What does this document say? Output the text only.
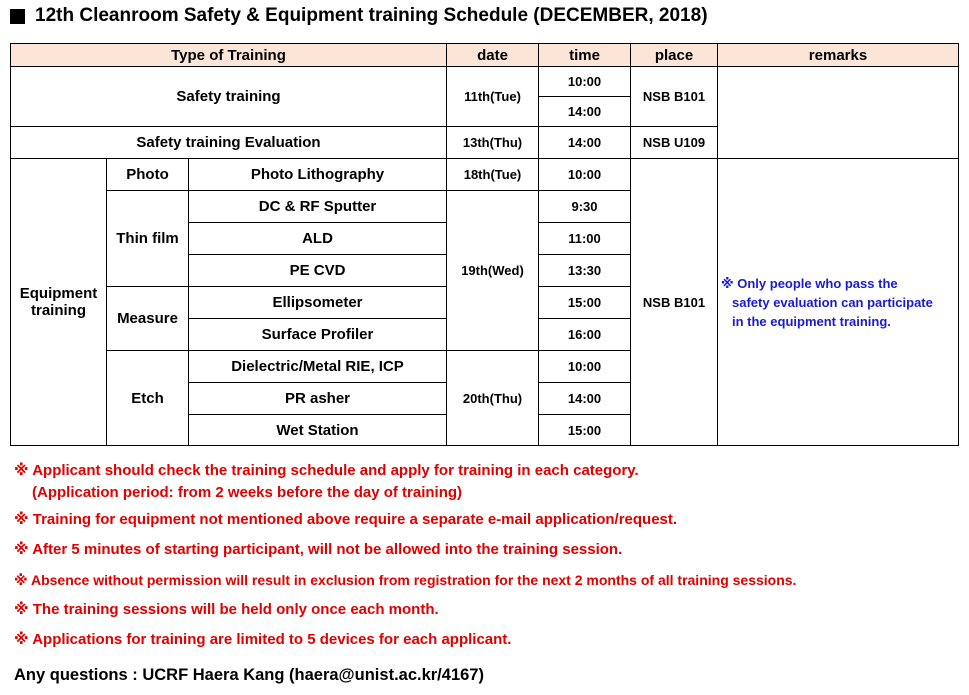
12th Cleanroom Safety & Equipment training Schedule (DECEMBER, 2018)
Type of Training			date	time	place	remarks
Safety training			11th(Tue)	10:00	NSB B101	
				14:00		
Safety training Evaluation			13th(Thu)	14:00	NSB U109	
Equipment
training	Photo	Photo Lithography	18th(Tue)	10:00	NSB B101	※ Only people who pass the
safety evaluation can participate
in the equipment training.

	Thin film	DC & RF Sputter	19th(Wed)	9:30		
		ALD		11:00		
		PE CVD		13:30		
	Measure	Ellipsometer		15:00		
		Surface Profiler		16:00		
	Etch	Dielectric/Metal RIE, ICP	20th(Thu)	10:00		
		PR asher		14:00		
		Wet Station		15:00		
※ Applicant should check the training schedule and apply for training in each category.
(Application period: from 2 weeks before the day of training)
※ Training for equipment not mentioned above require a separate e-mail application/request.
※ After 5 minutes of starting participant, will not be allowed into the training session.
※ Absence without permission will result in exclusion from registration for the next 2 months of all training sessions.
※ The training sessions will be held only once each month.
※ Applications for training are limited to 5 devices for each applicant.
Any questions : UCRF Haera Kang (haera@unist.ac.kr/4167)
